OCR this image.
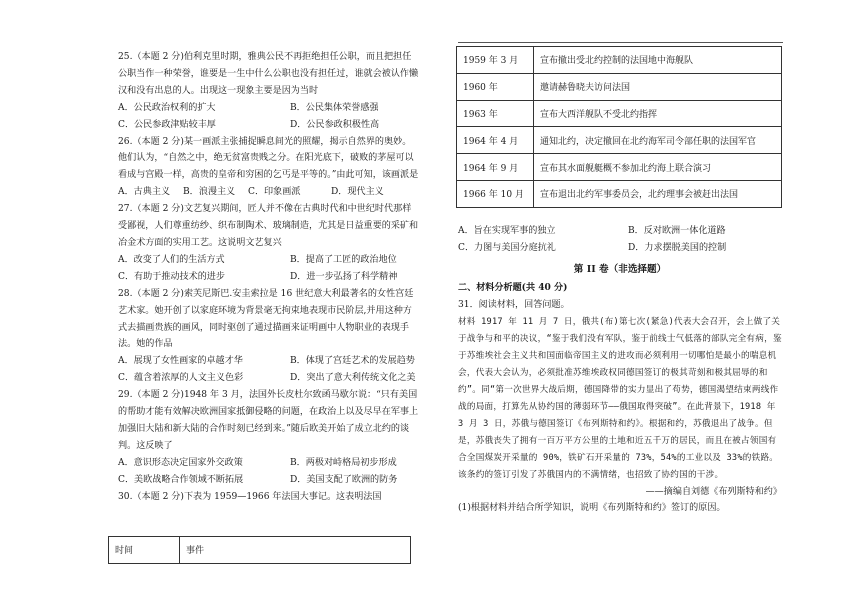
25.（本题 2 分)伯利克里时期，雅典公民不再拒绝担任公职，而且把担任公职当作一种荣誉，谁要是一生中什么公职也没有担任过，谁就会被认作懒汉和没有出息的人。出现这一现象主要是因为当时

A．公民政治权利的扩大	B．公民集体荣誉感强
C．公民参政津贴较丰厚	D．公民参政积极性高

26.（本题 2 分)某一画派主张捕捉瞬息间光的照耀，揭示自然界的奥妙。他们认为，“自然之中，绝无贫富贵贱之分。在阳光底下，破败的茅屋可以看成与宫殿一样，高贵的皇帝和穷困的乞丐是平等的。”由此可知，该画派是

A．古典主义	B．浪漫主义	C．印象画派	D．现代主义

27.（本题 2 分)文艺复兴期间，匠人并不像在古典时代和中世纪时代那样受鄙视，人们尊重纺纱、织布制陶术、玻璃制造，尤其是日益重要的采矿和冶金术方面的实用工艺。这说明文艺复兴

A．改变了人们的生活方式	B．提高了工匠的政治地位
C．有助于推动技术的进步	D．进一步弘扬了科学精神

28.（本题 2 分)索芙尼斯巴.安圭索拉是 16 世纪意大利最著名的女性宫廷艺术家。她开创了以家庭环境为背景毫无拘束地表现市民阶层,并用这种方式去描画贵族的画风，同时驱创了通过描画来证明画中人物职业的表现手法。她的作品

A．展现了女性画家的卓越才华	B．体现了宫廷艺术的发展趋势
C．蕴含着浓厚的人文主义色彩	D．突出了意大利传统文化之美

29.（本题 2 分)1948 年 3 月，法国外长皮杜尔致函马歇尔说：“只有美国的帮助才能有效解决欧洲国家抵御侵略的问题，在政治上以及尽早在军事上加强旧大陆和新大陆的合作时刻已经到来。”随后欧美开始了成立北约的谈判。这反映了

A．意识形态决定国家外交政策	B．两极对峙格局初步形成
C．美欧战略合作领域不断拓展	D．美国支配了欧洲的防务

30.（本题 2 分)下表为 1959—1966 年法国大事记。这表明法国

时间	事件
1959 年 3 月	宣布撤出受北约控制的法国地中海舰队
1960 年	邀请赫鲁晓夫访问法国
1963 年	宣布大西洋舰队不受北约指挥
1964 年 4 月	通知北约，决定撤回在北约海军司令部任职的法国军官
1964 年 9 月	宣布其水面舰艇概不参加北约海上联合演习
1966 年 10 月	宣布退出北约军事委员会，北约理事会被赶出法国
A．旨在实现军事的独立	B．反对欧洲一体化道路
C．力图与美国分庭抗礼	D．力求摆脱美国的控制
第 II 卷（非选择题）
二、材料分析题(共 40 分)
31．阅读材料，回答问题。
材料 1917 年 11 月 7 日，俄共(布)第七次(紧急)代表大会召开，会上做了关于战争与和平的决议，“鉴于我们没有军队，鉴于前线士气低落的部队完全有病，鉴于苏维埃社会主义共和国面临帝国主义的进攻而必须利用一切哪怕是最小的喘息机会，代表大会认为，必须批准苏维埃政权同德国签订的极其苛刻和极其屈辱的和约”。同“第一次世界大战后期，德国降带的实力显出了苟势，德国渴望结束两线作战的局面，打算先从协约国的薄弱环节——俄国取得突破”。在此背景下，1918 年 3 月 3 日，苏俄与德国签订《布列斯特和约》。根据和约，苏俄退出了战争。但是，苏俄丧失了拥有一百万平方公里的土地和近五千万的居民，而且在被占领国有合全国煤炭开采量的 90%，铁矿石开采量的 73%，54%的工业以及 33%的铁路。该条约的签订引发了苏俄国内的不满情绪，也招致了协约国的干涉。
——摘编自刘德《布列斯特和约》
(1)根据材料并结合所学知识，说明《布列斯特和约》签订的原因。
